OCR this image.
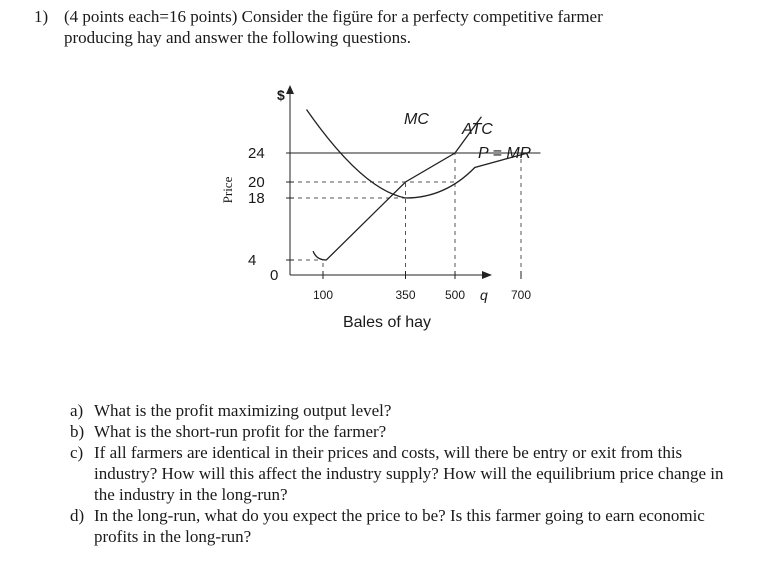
1) (4 points each=16 points) Consider the figüre for a perfecty competitive farmer
producing hay and answer the following questions.
0
4
18
20
24
100	350 500	700
q
MC
ATC
P = MR
$
Bales of hay
Price
a) What is the profit maximizing output level?
b) What is the short-run profit for the farmer?
c) If all farmers are identical in their prices and costs, will there be entry or exit from this industry? How will this affect the industry supply? How will the equilibrium price change in the industry in the long-run?
d) In the long-run, what do you expect the price to be? Is this farmer going to earn economic profits in the long-run?
